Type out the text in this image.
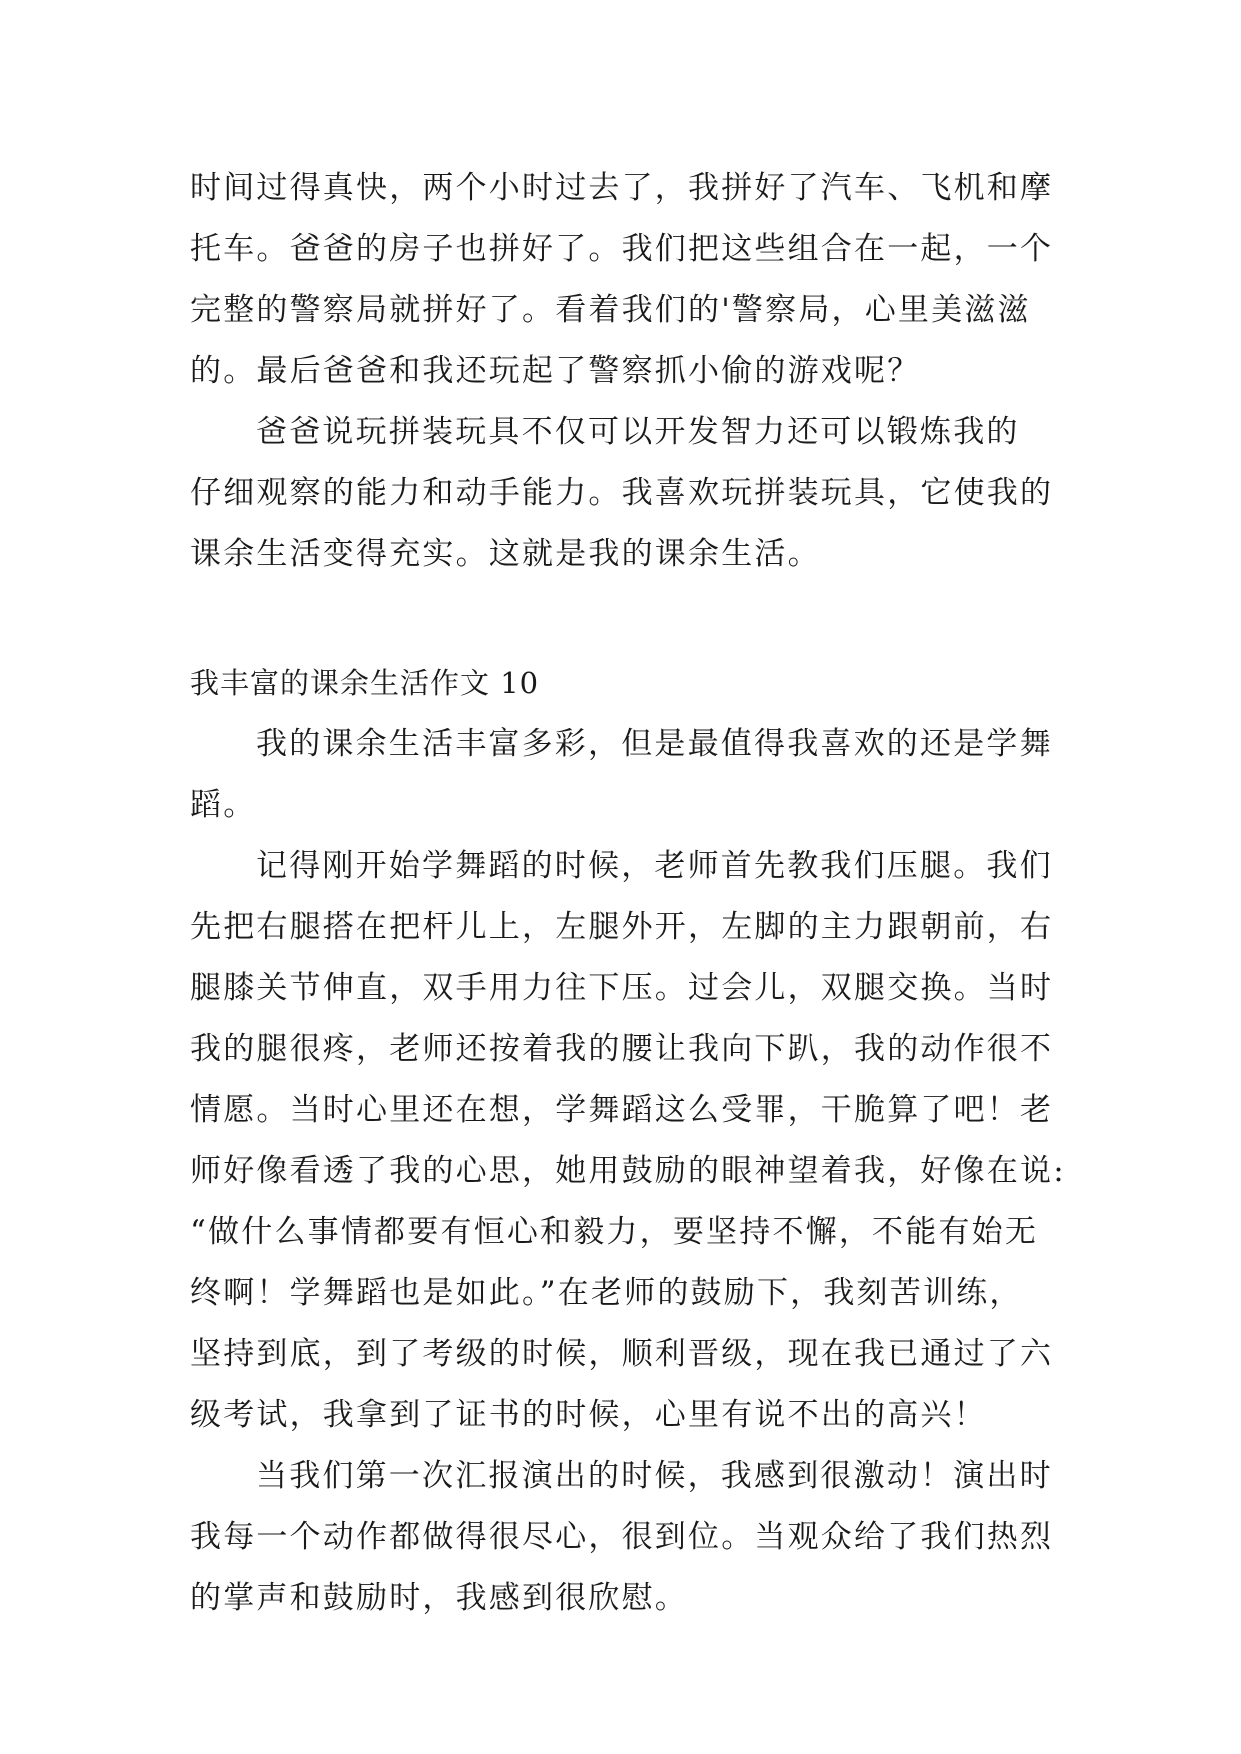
时间过得真快，两个小时过去了，我拼好了汽车、飞机和摩
托车。爸爸的房子也拼好了。我们把这些组合在一起，一个
完整的警察局就拼好了。看着我们的'警察局，心里美滋滋
的。最后爸爸和我还玩起了警察抓小偷的游戏呢？

爸爸说玩拼装玩具不仅可以开发智力还可以锻炼我的
仔细观察的能力和动手能力。我喜欢玩拼装玩具，它使我的
课余生活变得充实。这就是我的课余生活。

我丰富的课余生活作文 10

我的课余生活丰富多彩，但是最值得我喜欢的还是学舞
蹈。

记得刚开始学舞蹈的时候，老师首先教我们压腿。我们
先把右腿搭在把杆儿上，左腿外开，左脚的主力跟朝前，右
腿膝关节伸直，双手用力往下压。过会儿，双腿交换。当时
我的腿很疼，老师还按着我的腰让我向下趴，我的动作很不
情愿。当时心里还在想，学舞蹈这么受罪，干脆算了吧！老
师好像看透了我的心思，她用鼓励的眼神望着我，好像在说:
“做什么事情都要有恒心和毅力，要坚持不懈，不能有始无
终啊！学舞蹈也是如此。”在老师的鼓励下，我刻苦训练，
坚持到底，到了考级的时候，顺利晋级，现在我已通过了六
级考试，我拿到了证书的时候，心里有说不出的高兴！

当我们第一次汇报演出的时候，我感到很激动！演出时
我每一个动作都做得很尽心，很到位。当观众给了我们热烈
的掌声和鼓励时，我感到很欣慰。
